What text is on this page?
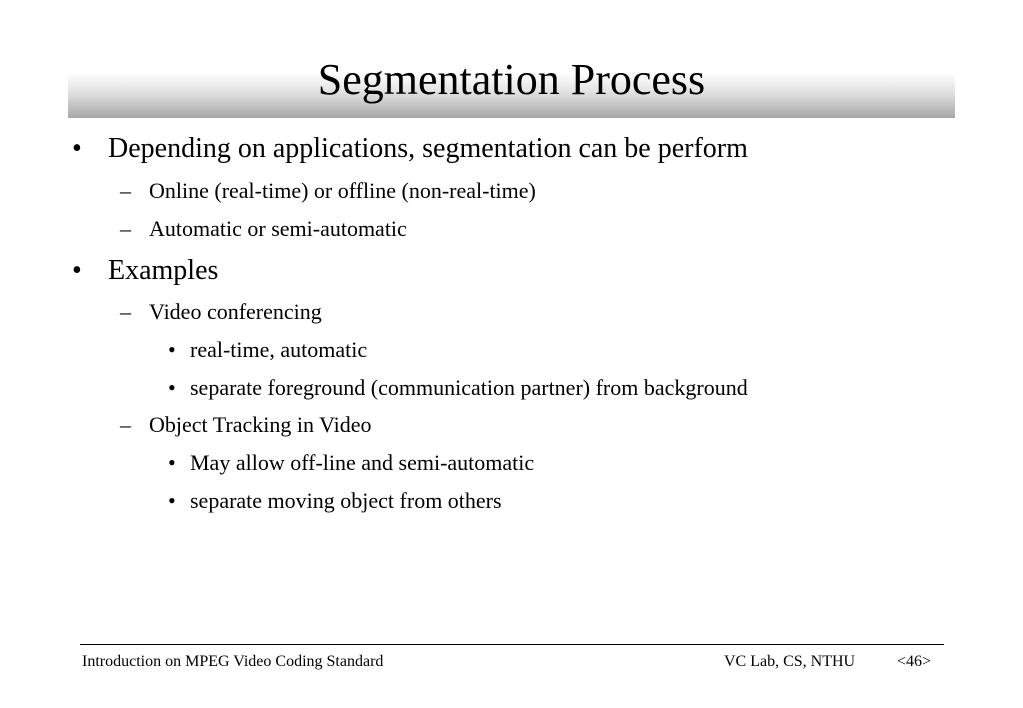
Segmentation Process
• Depending on applications, segmentation can be perform
– Online (real-time) or offline (non-real-time)
– Automatic or semi-automatic
• Examples
– Video conferencing
• real-time, automatic
• separate foreground (communication partner) from background
– Object Tracking in Video
• May allow off-line and semi-automatic
• separate moving object from others
Introduction on MPEG Video Coding Standard	VC Lab, CS, NTHU	<46>
